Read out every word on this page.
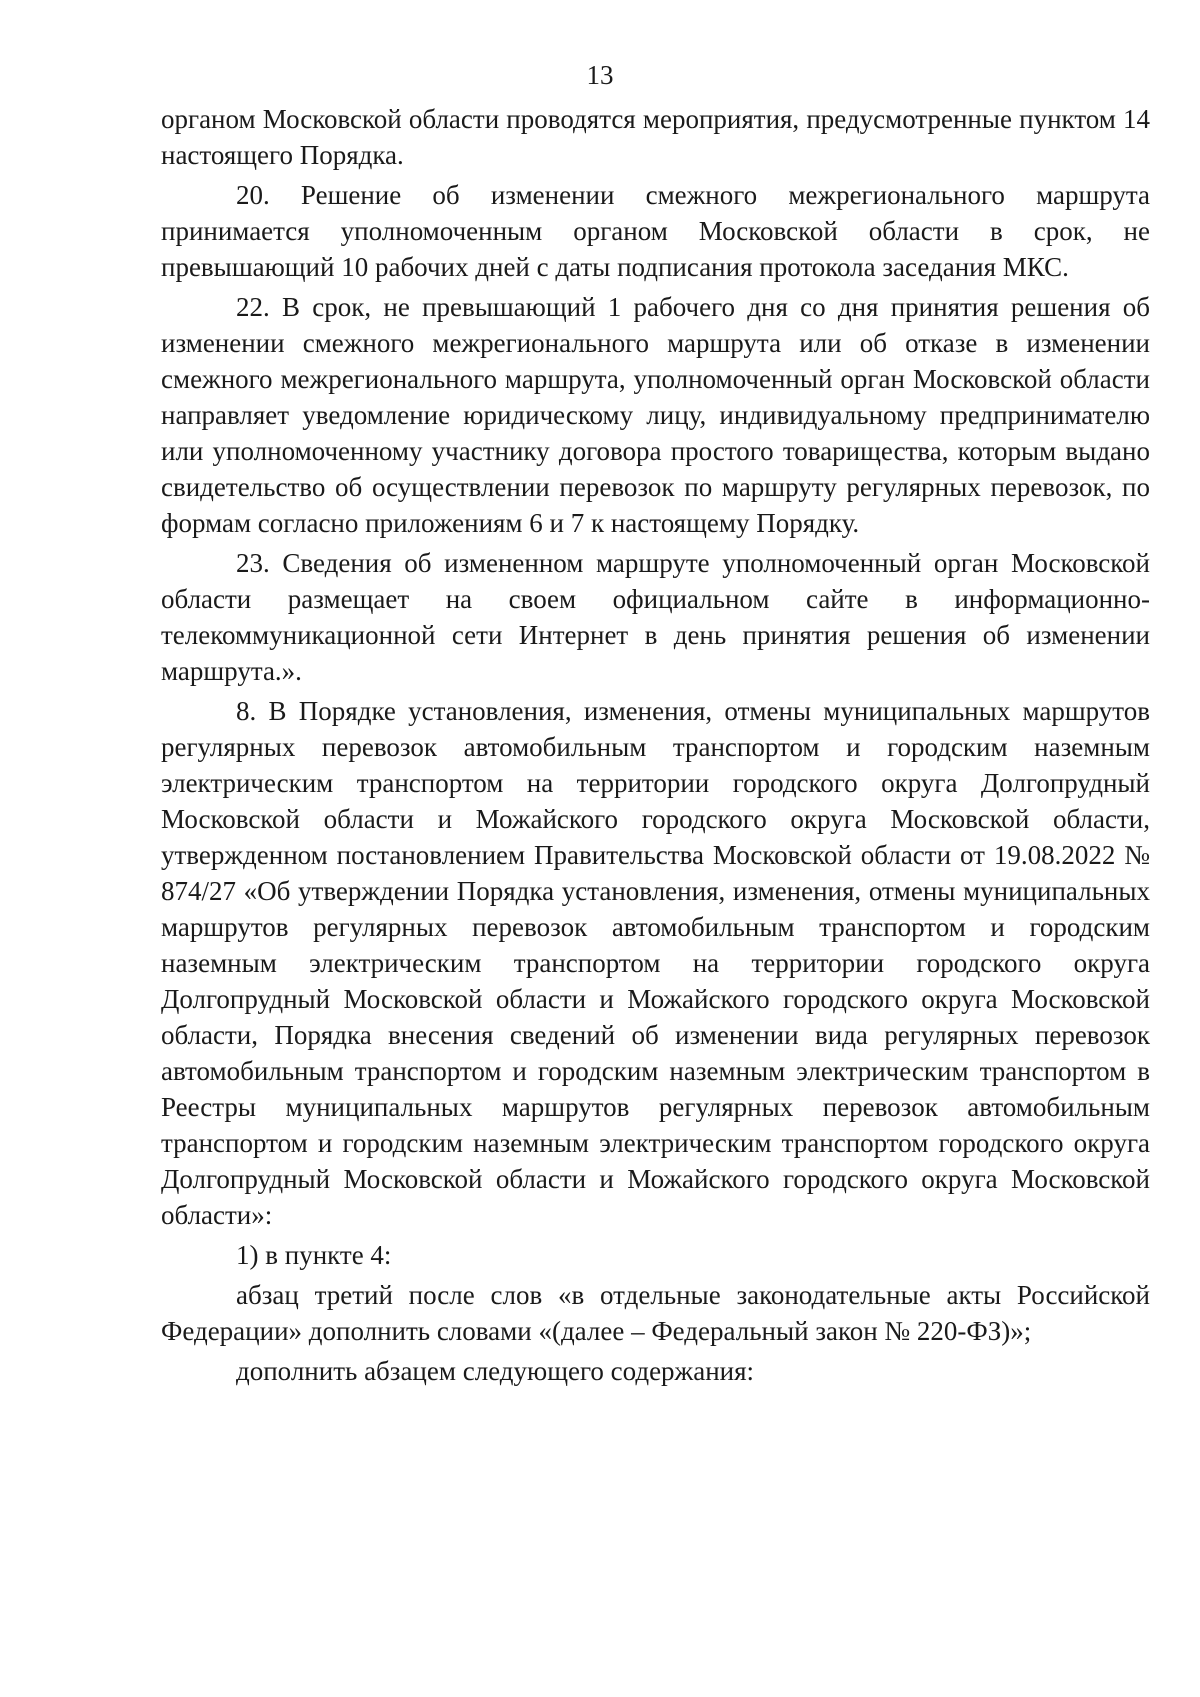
13

органом Московской области проводятся мероприятия, предусмотренные пунктом 14 настоящего Порядка.

20. Решение об изменении смежного межрегионального маршрута принимается уполномоченным органом Московской области в срок, не превышающий 10 рабочих дней с даты подписания протокола заседания МКС.

22. В срок, не превышающий 1 рабочего дня со дня принятия решения об изменении смежного межрегионального маршрута или об отказе в изменении смежного межрегионального маршрута, уполномоченный орган Московской области направляет уведомление юридическому лицу, индивидуальному предпринимателю или уполномоченному участнику договора простого товарищества, которым выдано свидетельство об осуществлении перевозок по маршруту регулярных перевозок, по формам согласно приложениям 6 и 7 к настоящему Порядку.

23. Сведения об измененном маршруте уполномоченный орган Московской области размещает на своем официальном сайте в информационно-телекоммуникационной сети Интернет в день принятия решения об изменении маршрута.».

8. В Порядке установления, изменения, отмены муниципальных маршрутов регулярных перевозок автомобильным транспортом и городским наземным электрическим транспортом на территории городского округа Долгопрудный Московской области и Можайского городского округа Московской области, утвержденном постановлением Правительства Московской области от 19.08.2022 № 874/27 «Об утверждении Порядка установления, изменения, отмены муниципальных маршрутов регулярных перевозок автомобильным транспортом и городским наземным электрическим транспортом на территории городского округа Долгопрудный Московской области и Можайского городского округа Московской области, Порядка внесения сведений об изменении вида регулярных перевозок автомобильным транспортом и городским наземным электрическим транспортом в Реестры муниципальных маршрутов регулярных перевозок автомобильным транспортом и городским наземным электрическим транспортом городского округа Долгопрудный Московской области и Можайского городского округа Московской области»:

1) в пункте 4:

абзац третий после слов «в отдельные законодательные акты Российской Федерации» дополнить словами «(далее – Федеральный закон № 220-ФЗ)»;

дополнить абзацем следующего содержания:
